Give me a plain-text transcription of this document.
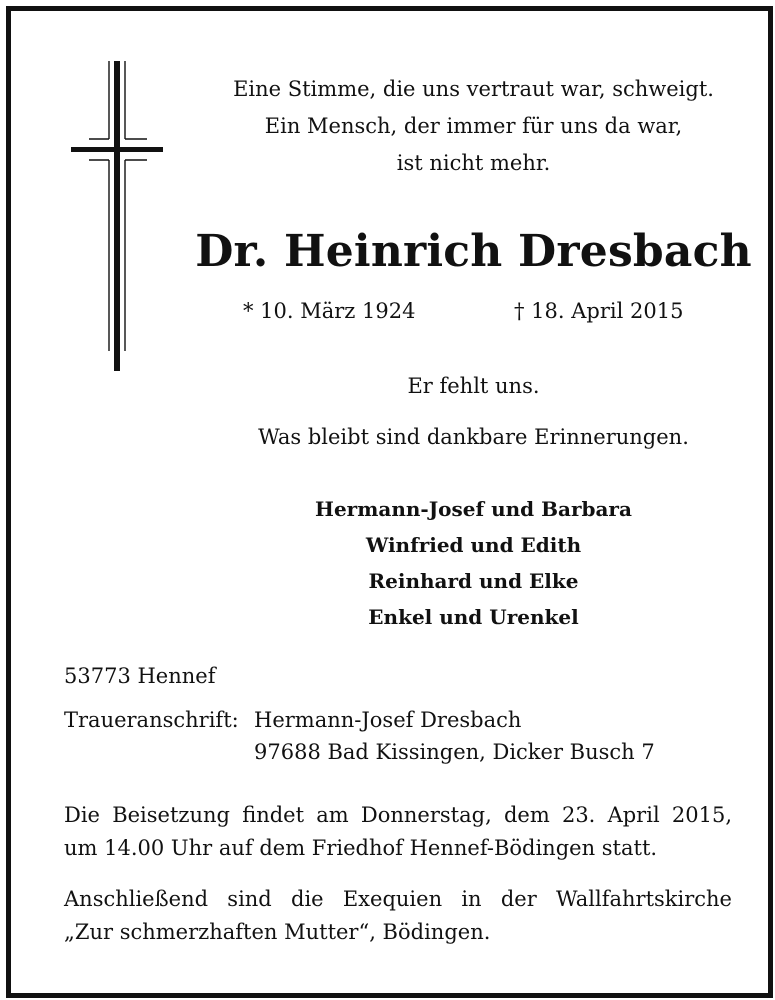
Eine Stimme, die uns vertraut war, schweigt.
Ein Mensch, der immer für uns da war,
ist nicht mehr.
Dr. Heinrich Dresbach
* 10. März 1924	† 18. April 2015
Er fehlt uns.
Was bleibt sind dankbare Erinnerungen.
Hermann-Josef und Barbara
Winfried und Edith
Reinhard und Elke
Enkel und Urenkel
53773 Hennef
Traueranschrift: Hermann-Josef Dresbach
97688 Bad Kissingen, Dicker Busch 7
Die Beisetzung findet am Donnerstag, dem 23. April 2015,
um 14.00 Uhr auf dem Friedhof Hennef-Bödingen statt.
Anschließend sind die Exequien in der Wallfahrtskirche
„Zur schmerzhaften Mutter“, Bödingen.
